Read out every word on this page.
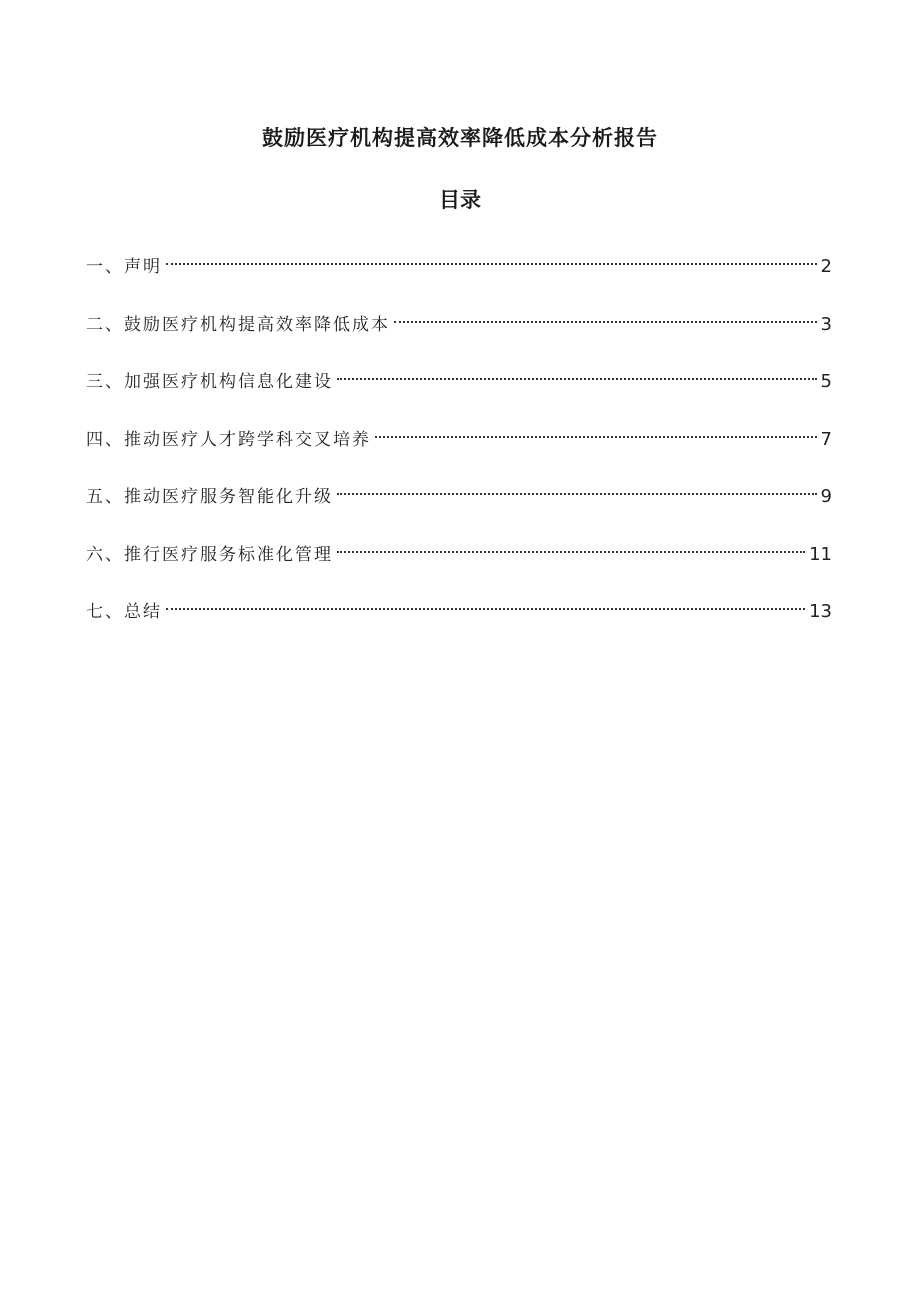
鼓励医疗机构提高效率降低成本分析报告
目录
一、声明	2
二、鼓励医疗机构提高效率降低成本	3
三、加强医疗机构信息化建设	5
四、推动医疗人才跨学科交叉培养	7
五、推动医疗服务智能化升级	9
六、推行医疗服务标准化管理	11
七、总结	13
